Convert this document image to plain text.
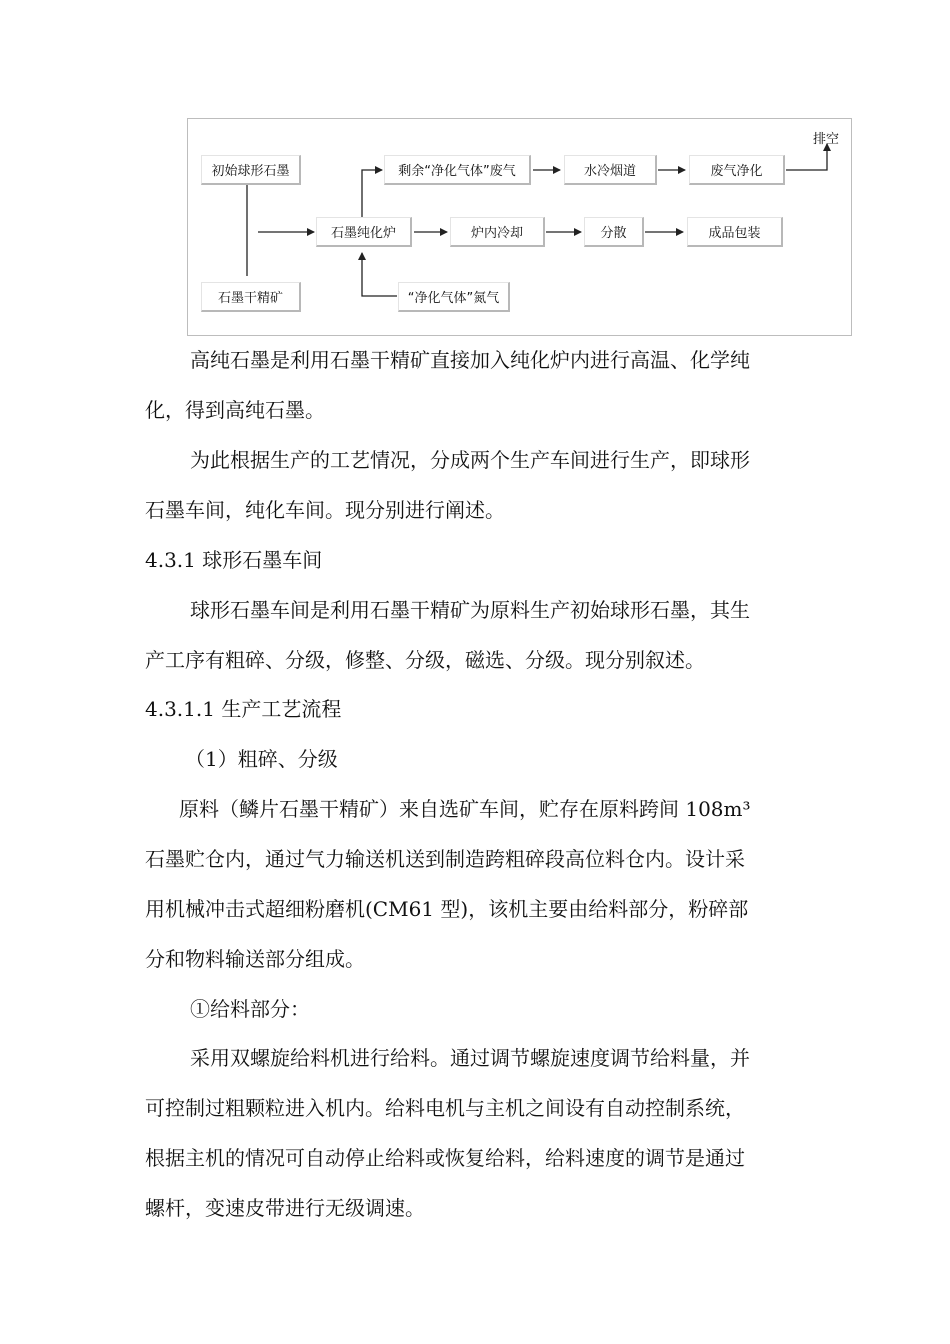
初始球形石墨
石墨干精矿
石墨纯化炉
剩余“净化气体”废气	水冷烟道	废气净化
排空
炉内冷却	分散	成品包装
“净化气体”氮气
高纯石墨是利用石墨干精矿直接加入纯化炉内进行高温、化学纯
化，得到高纯石墨。
为此根据生产的工艺情况，分成两个生产车间进行生产，即球形
石墨车间，纯化车间。现分别进行阐述。
4.3.1 球形石墨车间
球形石墨车间是利用石墨干精矿为原料生产初始球形石墨，其生
产工序有粗碎、分级，修整、分级，磁选、分级。现分别叙述。
4.3.1.1 生产工艺流程
（1）粗碎、分级
原料（鳞片石墨干精矿）来自选矿车间，贮存在原料跨间 108m³
石墨贮仓内，通过气力输送机送到制造跨粗碎段高位料仓内。设计采
用机械冲击式超细粉磨机(CM61 型)，该机主要由给料部分，粉碎部
分和物料输送部分组成。
①给料部分：
采用双螺旋给料机进行给料。通过调节螺旋速度调节给料量，并
可控制过粗颗粒进入机内。给料电机与主机之间设有自动控制系统，
根据主机的情况可自动停止给料或恢复给料，给料速度的调节是通过
螺杆，变速皮带进行无级调速。
